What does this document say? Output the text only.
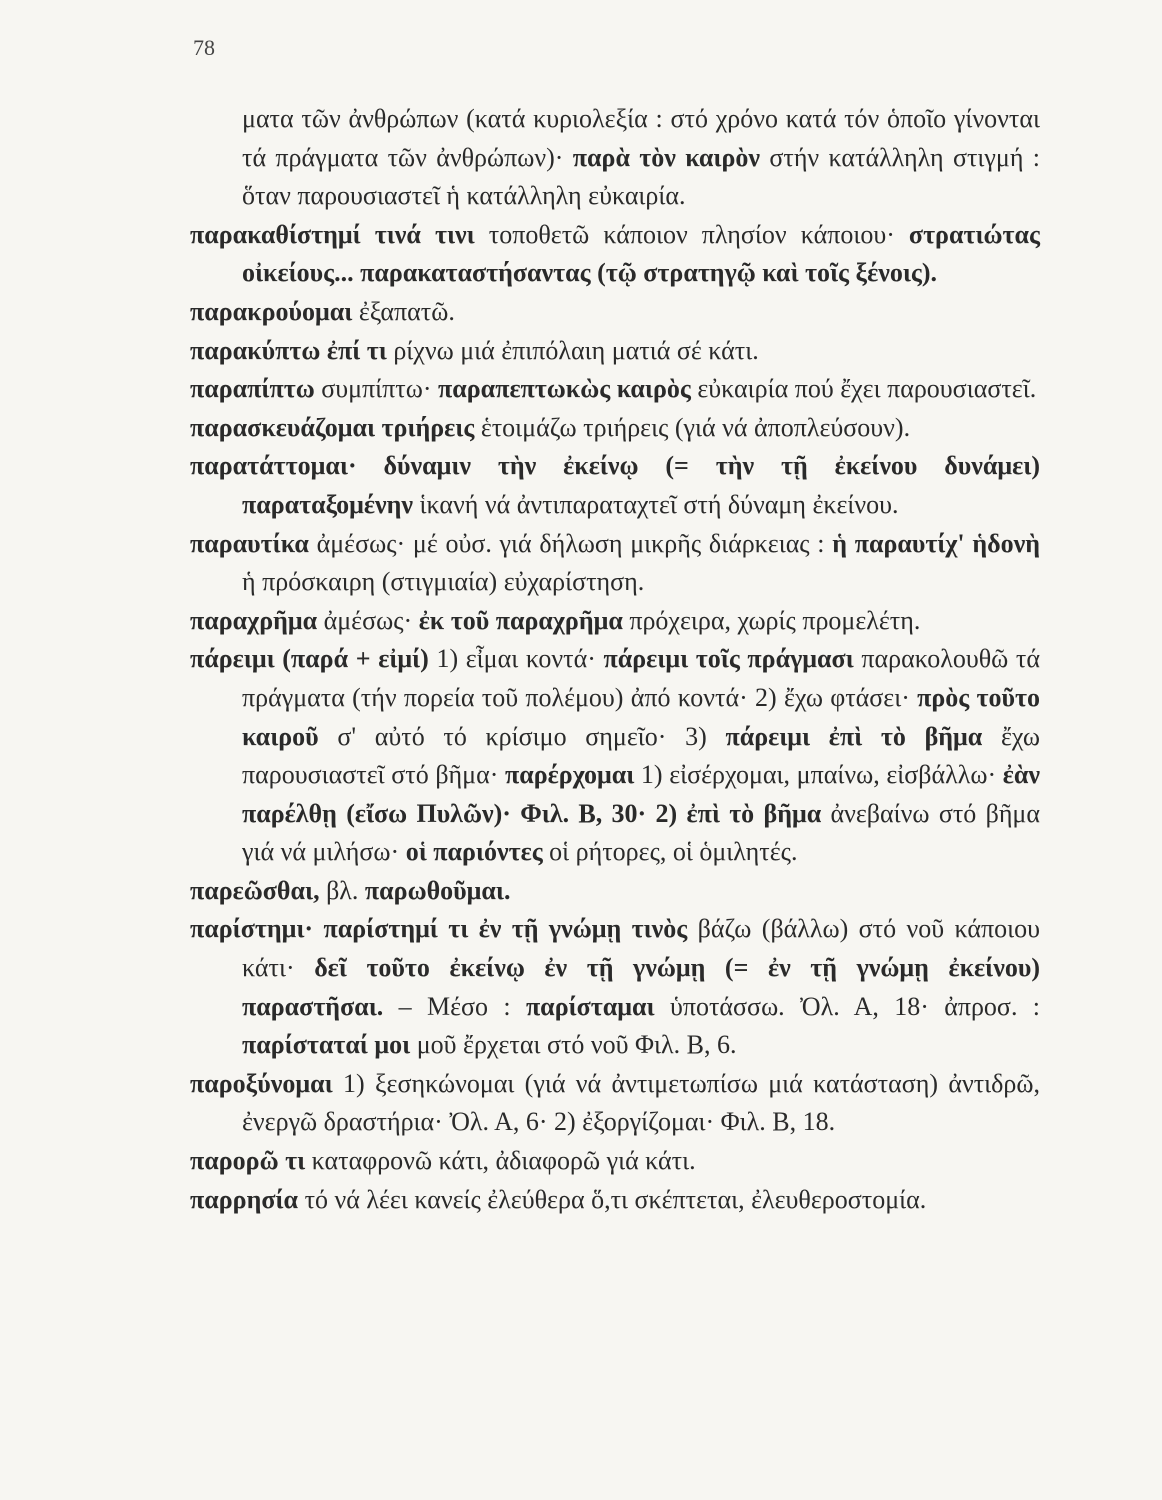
78
ματα τῶν ἀνθρώπων (κατά κυριολεξία : στό χρόνο κατά τόν ὁποῖο γίνονται τά πράγματα τῶν ἀνθρώπων)· παρὰ τὸν καιρὸν στήν κατάλληλη στιγμή : ὅταν παρουσιαστεῖ ἡ κατάλληλη εὐκαιρία.
παρακαθίστημί τινά τινι τοποθετῶ κάποιον πλησίον κάποιου· στρατιώτας οἰκείους... παρακαταστήσαντας (τῷ στρατηγῷ καὶ τοῖς ξένοις).
παρακρούομαι ἐξαπατῶ.
παρακύπτω ἐπί τι ρίχνω μιά ἐπιπόλαιη ματιά σέ κάτι.
παραπίπτω συμπίπτω· παραπεπτωκὼς καιρὸς εὐκαιρία πού ἔχει παρουσιαστεῖ.
παρασκευάζομαι τριήρεις ἑτοιμάζω τριήρεις (γιά νά ἀποπλεύσουν).
παρατάττομαι· δύναμιν τὴν ἐκείνῳ (= τὴν τῇ ἐκείνου δυνάμει) παραταξομένην ἱκανή νά ἀντιπαραταχτεῖ στή δύναμη ἐκείνου.
παραυτίκα ἀμέσως· μέ οὐσ. γιά δήλωση μικρῆς διάρκειας : ἡ παραυτίχ' ἡδονὴ ἡ πρόσκαιρη (στιγμιαία) εὐχαρίστηση.
παραχρῆμα ἀμέσως· ἐκ τοῦ παραχρῆμα πρόχειρα, χωρίς προμελέτη.
πάρειμι (παρά + εἰμί) 1) εἶμαι κοντά· πάρειμι τοῖς πράγμασι παρακολουθῶ τά πράγματα (τήν πορεία τοῦ πολέμου) ἀπό κοντά· 2) ἔχω φτάσει· πρὸς τοῦτο καιροῦ σ' αὐτό τό κρίσιμο σημεῖο· 3) πάρειμι ἐπὶ τὸ βῆμα ἔχω παρουσιαστεῖ στό βῆμα· παρέρχομαι 1) εἰσέρχομαι, μπαίνω, εἰσβάλλω· ἐὰν παρέλθῃ (εἴσω Πυλῶν)· Φιλ. Β, 30· 2) ἐπὶ τὸ βῆμα ἀνεβαίνω στό βῆμα γιά νά μιλήσω· οἱ παριόντες οἱ ρήτορες, οἱ ὁμιλητές.
παρεῶσθαι, βλ. παρωθοῦμαι.
παρίστημι· παρίστημί τι ἐν τῇ γνώμῃ τινὸς βάζω (βάλλω) στό νοῦ κάποιου κάτι· δεῖ τοῦτο ἐκείνῳ ἐν τῇ γνώμῃ (= ἐν τῇ γνώμῃ ἐκείνου) παραστῆσαι. – Μέσο : παρίσταμαι ὑποτάσσω. Ὀλ. Α, 18· ἀπροσ. : παρίσταταί μοι μοῦ ἔρχεται στό νοῦ Φιλ. Β, 6.
παροξύνομαι 1) ξεσηκώνομαι (γιά νά ἀντιμετωπίσω μιά κατάσταση) ἀντιδρῶ, ἐνεργῶ δραστήρια· Ὀλ. Α, 6· 2) ἐξοργίζομαι· Φιλ. Β, 18.
παρορῶ τι καταφρονῶ κάτι, ἀδιαφορῶ γιά κάτι.
παρρησία τό νά λέει κανείς ἐλεύθερα ὅ,τι σκέπτεται, ἐλευθεροστομία.
